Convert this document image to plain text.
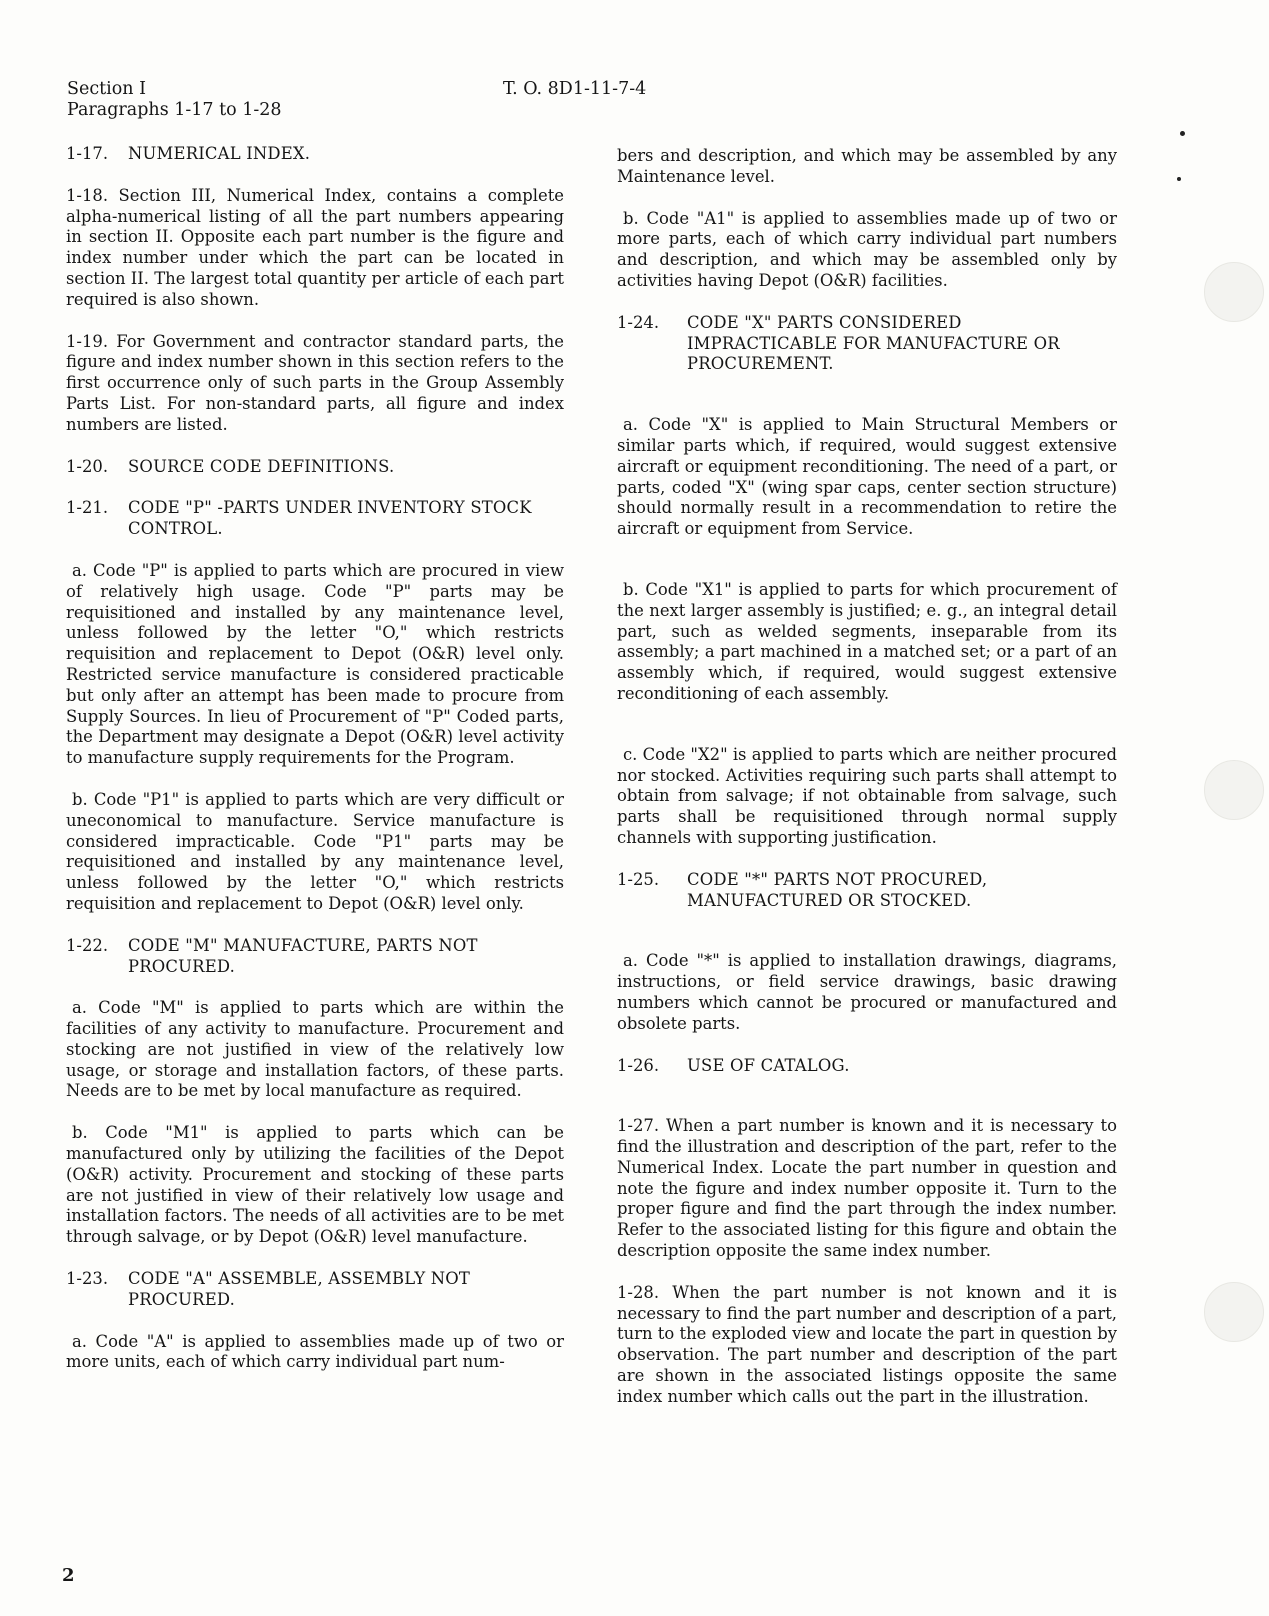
Section I
Paragraphs 1-17 to 1-28
T. O. 8D1-11-7-4
1-17.	NUMERICAL INDEX.

1-18. Section III, Numerical Index, contains a complete alpha-numerical listing of all the part numbers appearing in section II. Opposite each part number is the figure and index number under which the part can be located in section II. The largest total quantity per article of each part required is also shown.

1-19. For Government and contractor standard parts, the figure and index number shown in this section refers to the first occurrence only of such parts in the Group Assembly Parts List. For non-standard parts, all figure and index numbers are listed.

1-20.	SOURCE CODE DEFINITIONS.
1-21.	CODE "P" -PARTS UNDER INVENTORY STOCK CONTROL.

a. Code "P" is applied to parts which are procured in view of relatively high usage. Code "P" parts may be requisitioned and installed by any maintenance level, unless followed by the letter "O," which restricts requisition and replacement to Depot (O&R) level only. Restricted service manufacture is considered practicable but only after an attempt has been made to procure from Supply Sources. In lieu of Procurement of "P" Coded parts, the Department may designate a Depot (O&R) level activity to manufacture supply requirements for the Program.

b. Code "P1" is applied to parts which are very difficult or uneconomical to manufacture. Service manufacture is considered impracticable. Code "P1" parts may be requisitioned and installed by any maintenance level, unless followed by the letter "O," which restricts requisition and replacement to Depot (O&R) level only.

1-22.	CODE "M" MANUFACTURE, PARTS NOT PROCURED.

a. Code "M" is applied to parts which are within the facilities of any activity to manufacture. Procurement and stocking are not justified in view of the relatively low usage, or storage and installation factors, of these parts. Needs are to be met by local manufacture as required.

b. Code "M1" is applied to parts which can be manufactured only by utilizing the facilities of the Depot (O&R) activity. Procurement and stocking of these parts are not justified in view of their relatively low usage and installation factors. The needs of all activities are to be met through salvage, or by Depot (O&R) level manufacture.

1-23.	CODE "A" ASSEMBLE, ASSEMBLY NOT PROCURED.

a. Code "A" is applied to assemblies made up of two or more units, each of which carry individual part num-

bers and description, and which may be assembled by any Maintenance level.

b. Code "A1" is applied to assemblies made up of two or more parts, each of which carry individual part numbers and description, and which may be assembled only by activities having Depot (O&R) facilities.

1-24.	CODE "X" PARTS CONSIDERED IMPRACTICABLE FOR MANUFACTURE OR PROCUREMENT.

a. Code "X" is applied to Main Structural Members or similar parts which, if required, would suggest extensive aircraft or equipment reconditioning. The need of a part, or parts, coded "X" (wing spar caps, center section structure) should normally result in a recommendation to retire the aircraft or equipment from Service.

b. Code "X1" is applied to parts for which procurement of the next larger assembly is justified; e. g., an integral detail part, such as welded segments, inseparable from its assembly; a part machined in a matched set; or a part of an assembly which, if required, would suggest extensive reconditioning of each assembly.

c. Code "X2" is applied to parts which are neither procured nor stocked. Activities requiring such parts shall attempt to obtain from salvage; if not obtainable from salvage, such parts shall be requisitioned through normal supply channels with supporting justification.

1-25.	CODE "*" PARTS NOT PROCURED, MANUFACTURED OR STOCKED.

a. Code "*" is applied to installation drawings, diagrams, instructions, or field service drawings, basic drawing numbers which cannot be procured or manufactured and obsolete parts.

1-26.	USE OF CATALOG.

1-27. When a part number is known and it is necessary to find the illustration and description of the part, refer to the Numerical Index. Locate the part number in question and note the figure and index number opposite it. Turn to the proper figure and find the part through the index number. Refer to the associated listing for this figure and obtain the description opposite the same index number.

1-28. When the part number is not known and it is necessary to find the part number and description of a part, turn to the exploded view and locate the part in question by observation. The part number and description of the part are shown in the associated listings opposite the same index number which calls out the part in the illustration.

2
